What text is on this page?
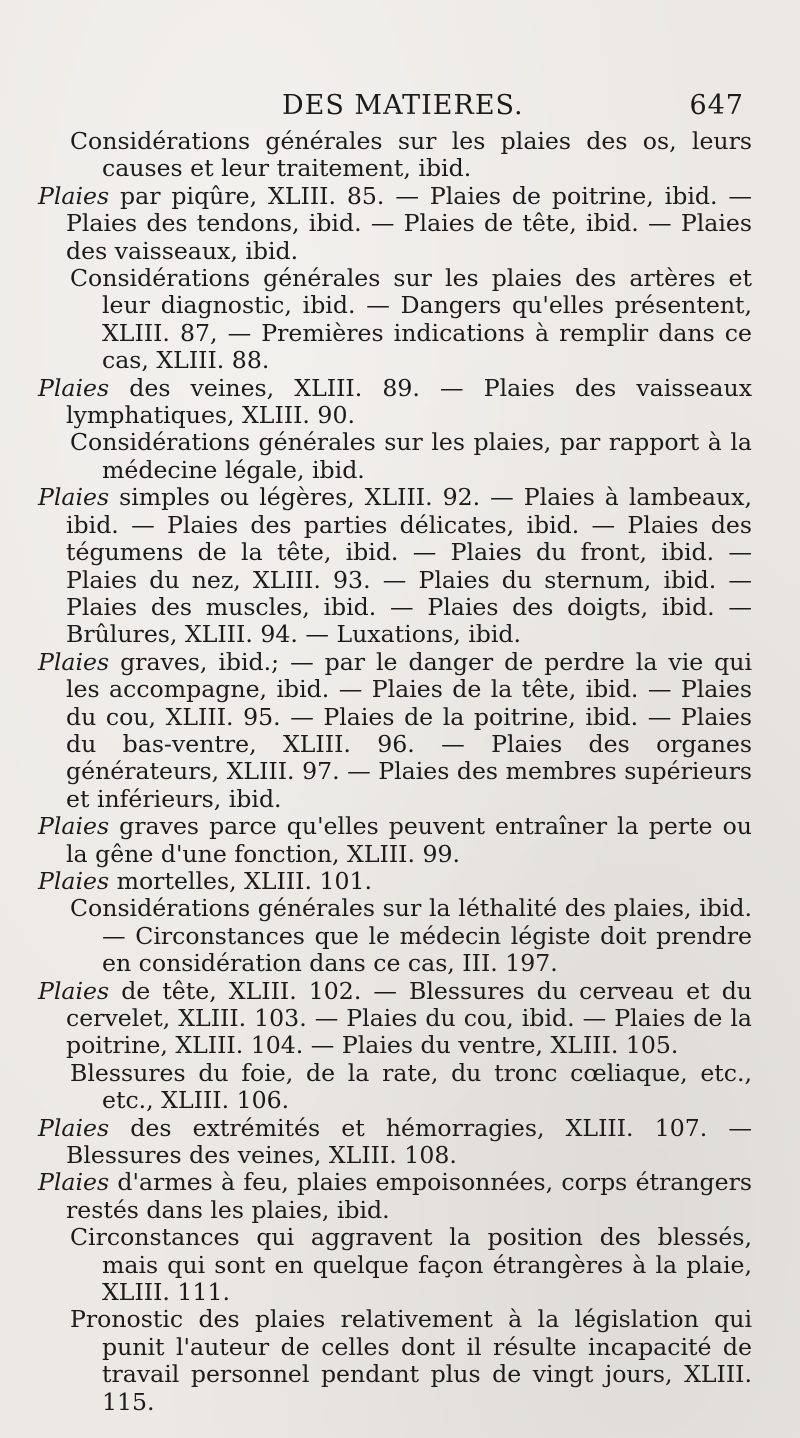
DES MATIERES.	647

Considérations générales sur les plaies des os, leurs causes et leur traitement, ibid.

Plaies par piqûre, XLIII. 85. — Plaies de poitrine, ibid. — Plaies des tendons, ibid. — Plaies de tête, ibid. — Plaies des vaisseaux, ibid.

Considérations générales sur les plaies des artères et leur diagnostic, ibid. — Dangers qu'elles présentent, XLIII. 87, — Premières indications à remplir dans ce cas, XLIII. 88.

Plaies des veines, XLIII. 89. — Plaies des vaisseaux lymphatiques, XLIII. 90.

Considérations générales sur les plaies, par rapport à la médecine légale, ibid.

Plaies simples ou légères, XLIII. 92. — Plaies à lambeaux, ibid. — Plaies des parties délicates, ibid. — Plaies des tégumens de la tête, ibid. — Plaies du front, ibid. — Plaies du nez, XLIII. 93. — Plaies du sternum, ibid. — Plaies des muscles, ibid. — Plaies des doigts, ibid. — Brûlures, XLIII. 94. — Luxations, ibid.

Plaies graves, ibid.; — par le danger de perdre la vie qui les accompagne, ibid. — Plaies de la tête, ibid. — Plaies du cou, XLIII. 95. — Plaies de la poitrine, ibid. — Plaies du bas-ventre, XLIII. 96. — Plaies des organes générateurs, XLIII. 97. — Plaies des membres supérieurs et inférieurs, ibid.

Plaies graves parce qu'elles peuvent entraîner la perte ou la gêne d'une fonction, XLIII. 99.

Plaies mortelles, XLIII. 101.

Considérations générales sur la léthalité des plaies, ibid. — Circonstances que le médecin légiste doit prendre en considération dans ce cas, III. 197.

Plaies de tête, XLIII. 102. — Blessures du cerveau et du cervelet, XLIII. 103. — Plaies du cou, ibid. — Plaies de la poitrine, XLIII. 104. — Plaies du ventre, XLIII. 105.

Blessures du foie, de la rate, du tronc cœliaque, etc., etc., XLIII. 106.

Plaies des extrémités et hémorragies, XLIII. 107. — Blessures des veines, XLIII. 108.

Plaies d'armes à feu, plaies empoisonnées, corps étrangers restés dans les plaies, ibid.

Circonstances qui aggravent la position des blessés, mais qui sont en quelque façon étrangères à la plaie, XLIII. 111.

Pronostic des plaies relativement à la législation qui punit l'auteur de celles dont il résulte incapacité de travail personnel pendant plus de vingt jours, XLIII. 115.
